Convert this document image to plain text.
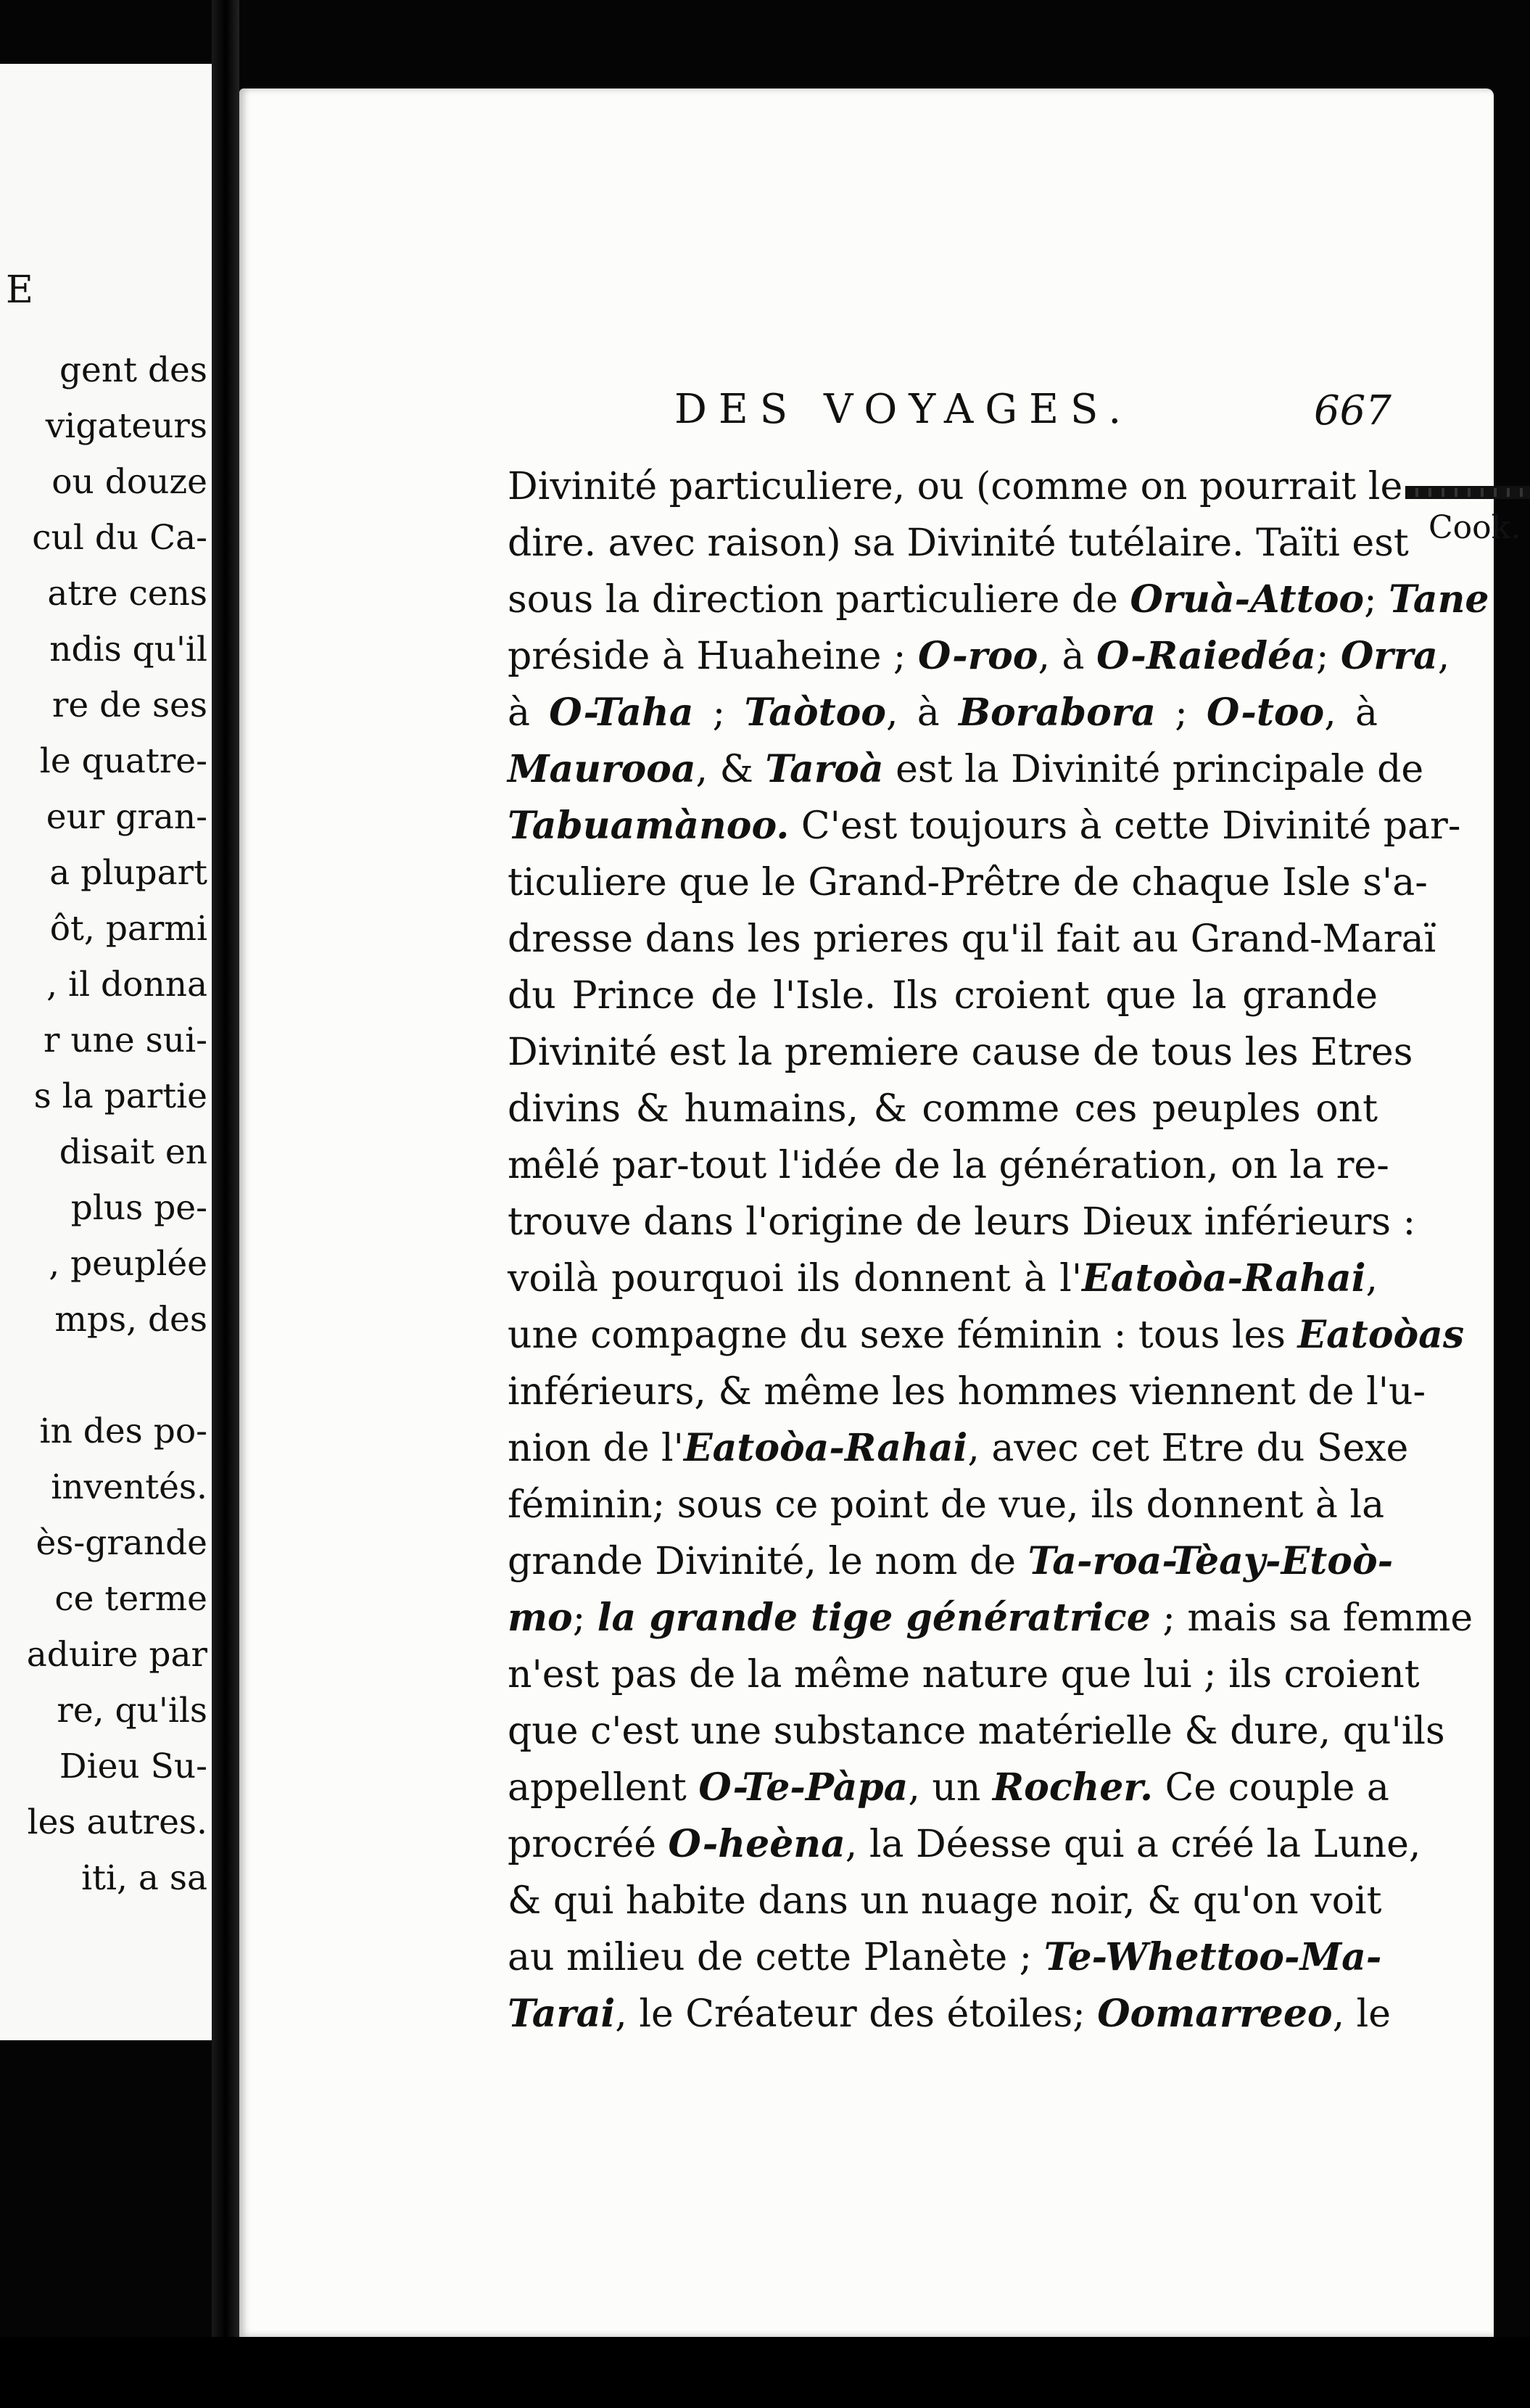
E
gent des
vigateurs
ou douze
cul du Ca-
atre cens
ndis qu'il
re de ses
le quatre-
eur gran-
a plupart
ôt, parmi
, il donna
r une sui-
s la partie
disait en
plus pe-
, peuplée
mps, des
in des po-
inventés.
ès-grande
ce terme
aduire par
re, qu'ils
Dieu Su-
les autres.
iti, a sa
DES VOYAGES.	667
Divinité particuliere, ou (comme on pourrait le
dire. avec raison) sa Divinité tutélaire. Taïti est
sous la direction particuliere de Oruà-Attoo; Tane
préside à Huaheine ; O-roo, à O-Raiedéa; Orra,
à O-Taha ; Taòtoo, à Borabora ; O-too, à
Maurooa, & Taroà est la Divinité principale de
Tabuamànoo. C'est toujours à cette Divinité par-
ticuliere que le Grand-Prêtre de chaque Isle s'a-
dresse dans les prieres qu'il fait au Grand-Maraï
du Prince de l'Isle. Ils croient que la grande
Divinité est la premiere cause de tous les Etres
divins & humains, & comme ces peuples ont
mêlé par-tout l'idée de la génération, on la re-
trouve dans l'origine de leurs Dieux inférieurs :
voilà pourquoi ils donnent à l'Eatoòa-Rahai,
une compagne du sexe féminin : tous les Eatoòas
inférieurs, & même les hommes viennent de l'u-
nion de l'Eatoòa-Rahai, avec cet Etre du Sexe
féminin; sous ce point de vue, ils donnent à la
grande Divinité, le nom de Ta-roa-Tèay-Etoò-
mo; la grande tige génératrice ; mais sa femme
n'est pas de la même nature que lui ; ils croient
que c'est une substance matérielle & dure, qu'ils
appellent O-Te-Pàpa, un Rocher. Ce couple a
procréé O-heèna, la Déesse qui a créé la Lune,
& qui habite dans un nuage noir, & qu'on voit
au milieu de cette Planète ; Te-Whettoo-Ma-
Tarai, le Créateur des étoiles; Oomarreeo, le
Cook.
